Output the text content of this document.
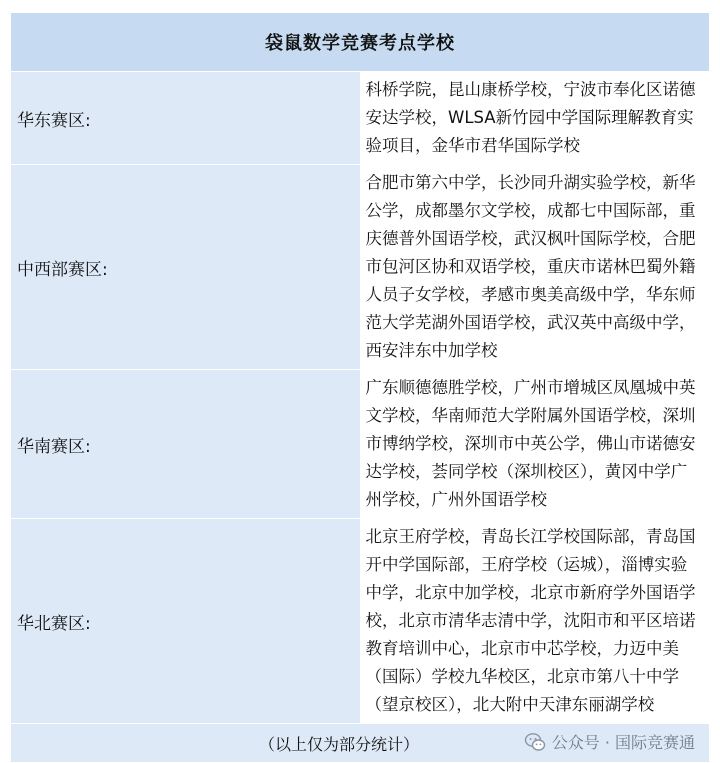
袋鼠数学竞赛考点学校	
华东赛区:	科桥学院，昆山康桥学校，宁波市奉化区诺德安达学校，WLSA新竹园中学国际理解教育实验项目，金华市君华国际学校
中西部赛区:	合肥市第六中学，长沙同升湖实验学校，新华公学，成都墨尔文学校，成都七中国际部，重庆德普外国语学校，武汉枫叶国际学校，合肥市包河区协和双语学校，重庆市诺林巴蜀外籍人员子女学校，孝感市奥美高级中学，华东师范大学芜湖外国语学校，武汉英中高级中学，西安沣东中加学校
华南赛区:	广东顺德德胜学校，广州市增城区凤凰城中英文学校，华南师范大学附属外国语学校，深圳市博纳学校，深圳市中英公学，佛山市诺德安达学校，荟同学校（深圳校区），黄冈中学广州学校，广州外国语学校
华北赛区:	北京王府学校，青岛长江学校国际部，青岛国开中学国际部，王府学校（运城），淄博实验中学，北京中加学校，北京市新府学外国语学校，北京市清华志清中学，沈阳市和平区培诺教育培训中心，北京市中芯学校，力迈中美（国际）学校九华校区，北京市第八十中学（望京校区），北大附中天津东丽湖学校

（以上仅为部分统计） 公众号 · 国际竞赛通	
